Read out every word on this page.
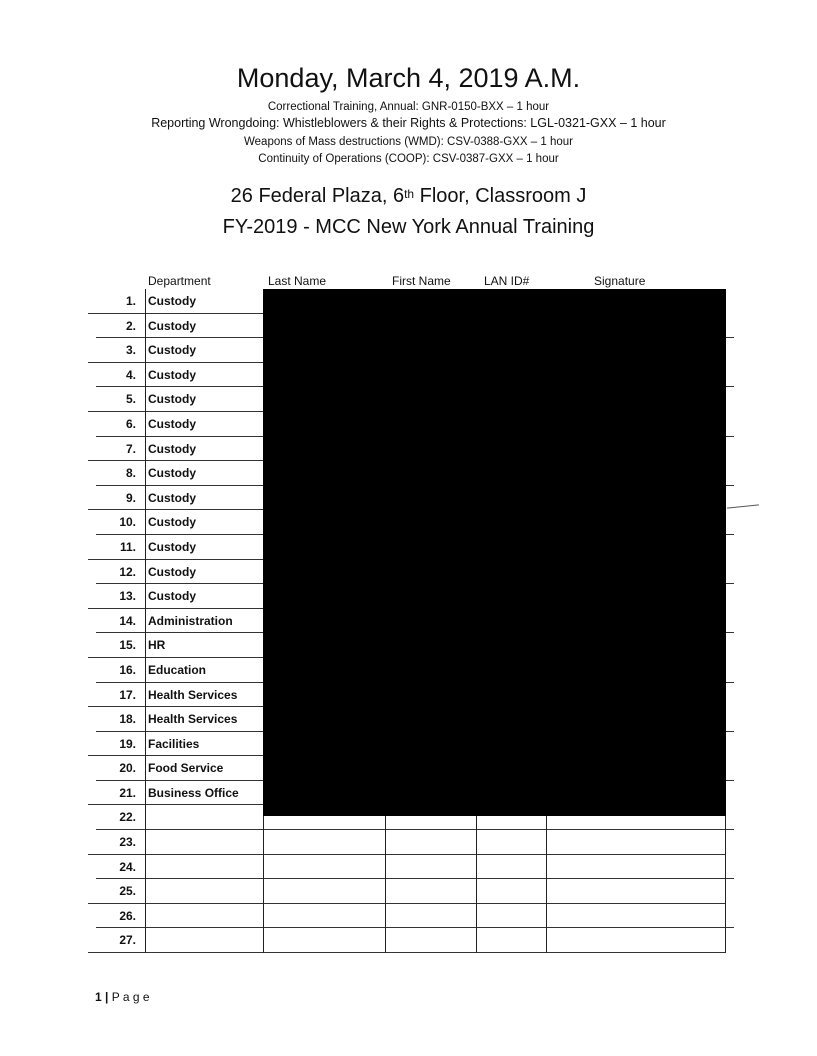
Monday, March 4, 2019 A.M.
Correctional Training, Annual: GNR-0150-BXX – 1 hour
Reporting Wrongdoing: Whistleblowers & their Rights & Protections: LGL-0321-GXX – 1 hour
Weapons of Mass destructions (WMD): CSV-0388-GXX – 1 hour
Continuity of Operations (COOP): CSV-0387-GXX – 1 hour
26 Federal Plaza, 6th Floor, Classroom J
FY-2019 - MCC New York Annual Training
Department	Last Name	First Name	LAN ID#	Signature
1.	Custody
2.	Custody
3.	Custody
4.	Custody
5.	Custody
6.	Custody
7.	Custody
8.	Custody
9.	Custody
10.	Custody
11.	Custody
12.	Custody
13.	Custody
14.	Administration
15.	HR
16.	Education
17.	Health Services
18.	Health Services
19.	Facilities
20.	Food Service
21.	Business Office
22.
23.
24.
25.
26.
27.
1 | P a g e
